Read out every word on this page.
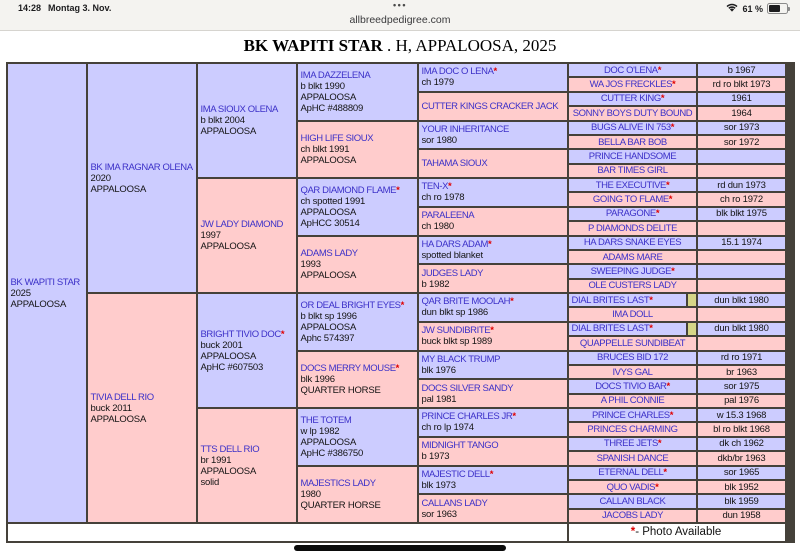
14:28 Montag 3. Nov.	•••	61 %
allbreedpedigree.com
BK WAPITI STAR . H, APPALOOSA, 2025
BK WAPITI STAR
2025
APPALOOSA
BK IMA RAGNAR OLENA
2020
APPALOOSA
TIVIA DELL RIO
buck 2011
APPALOOSA
IMA SIOUX OLENA
b blkt 2004
APPALOOSA
JW LADY DIAMOND
1997
APPALOOSA
BRIGHT TIVIO DOC*
buck 2001
APPALOOSA
ApHC #607503
TTS DELL RIO
br 1991
APPALOOSA
solid
IMA DAZZELENA
b blkt 1990
APPALOOSA
ApHC #488809
HIGH LIFE SIOUX
ch blkt 1991
APPALOOSA
QAR DIAMOND FLAME*
ch spotted 1991
APPALOOSA
ApHCC 30514
ADAMS LADY
1993
APPALOOSA
OR DEAL BRIGHT EYES*
b blkt sp 1996
APPALOOSA
Aphc 574397
DOCS MERRY MOUSE*
blk 1996
QUARTER HORSE
THE TOTEM
w lp 1982
APPALOOSA
ApHC #386750
MAJESTICS LADY
1980
QUARTER HORSE
IMA DOC O LENA*
ch 1979
CUTTER KINGS CRACKER JACK
YOUR INHERITANCE
sor 1980
TAHAMA SIOUX
TEN-X*
ch ro 1978
PARALEENA
ch 1980
HA DARS ADAM*
spotted blanket
JUDGES LADY
b 1982
QAR BRITE MOOLAH*
dun blkt sp 1986
JW SUNDIBRITE*
buck blkt sp 1989
MY BLACK TRUMP
blk 1976
DOCS SILVER SANDY
pal 1981
PRINCE CHARLES JR*
ch ro lp 1974
MIDNIGHT TANGO
b 1973
MAJESTIC DELL*
blk 1973
CALLANS LADY
sor 1963
DOC O'LENA*
WA JOS FRECKLES*
CUTTER KING*
SONNY BOYS DUTY BOUND
BUGS ALIVE IN 753*
BELLA BAR BOB
PRINCE HANDSOME
BAR TIMES GIRL
THE EXECUTIVE*
GOING TO FLAME*
PARAGONE*
P DIAMONDS DELITE
HA DARS SNAKE EYES
ADAMS MARE
SWEEPING JUDGE*
OLE CUSTERS LADY
DIAL BRITES LAST*
IMA DOLL
DIAL BRITES LAST*
QUAPPELLE SUNDIBEAT
BRUCES BID 172
IVYS GAL
DOCS TIVIO BAR*
A PHIL CONNIE
PRINCE CHARLES*
PRINCES CHARMING
THREE JETS*
SPANISH DANCE
ETERNAL DELL*
QUO VADIS*
CALLAN BLACK
JACOBS LADY
b 1967
rd ro blkt 1973
1961
1964
sor 1973
sor 1972
rd dun 1973
ch ro 1972
blk blkt 1975
15.1 1974
dun blkt 1980
dun blkt 1980
rd ro 1971
br 1963
sor 1975
pal 1976
w 15.3 1968
bl ro blkt 1968
dk ch 1962
dkb/br 1963
sor 1965
blk 1952
blk 1959
dun 1958
* - Photo Available
